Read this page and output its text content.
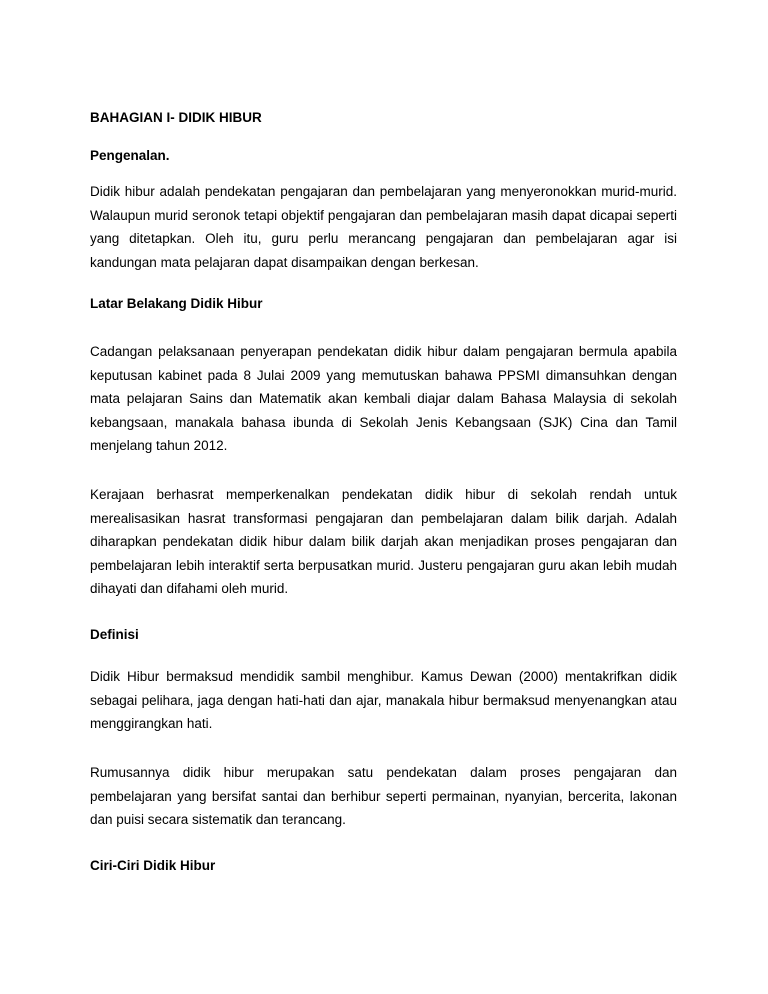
BAHAGIAN I- DIDIK HIBUR
Pengenalan.

Didik hibur adalah pendekatan pengajaran dan pembelajaran yang menyeronokkan murid-murid. Walaupun murid seronok tetapi objektif pengajaran dan pembelajaran masih dapat dicapai seperti yang ditetapkan. Oleh itu, guru perlu merancang pengajaran dan pembelajaran agar isi kandungan mata pelajaran dapat disampaikan dengan berkesan.

Latar Belakang Didik Hibur

Cadangan pelaksanaan penyerapan pendekatan didik hibur dalam pengajaran bermula apabila keputusan kabinet pada 8 Julai 2009 yang memutuskan bahawa PPSMI dimansuhkan dengan mata pelajaran Sains dan Matematik akan kembali diajar dalam Bahasa Malaysia di sekolah kebangsaan, manakala bahasa ibunda di Sekolah Jenis Kebangsaan (SJK) Cina dan Tamil menjelang tahun 2012.

Kerajaan berhasrat memperkenalkan pendekatan didik hibur di sekolah rendah untuk merealisasikan hasrat transformasi pengajaran dan pembelajaran dalam bilik darjah. Adalah diharapkan pendekatan didik hibur dalam bilik darjah akan menjadikan proses pengajaran dan pembelajaran lebih interaktif serta berpusatkan murid. Justeru pengajaran guru akan lebih mudah dihayati dan difahami oleh murid.

Definisi

Didik Hibur bermaksud mendidik sambil menghibur. Kamus Dewan (2000) mentakrifkan didik sebagai pelihara, jaga dengan hati-hati dan ajar, manakala hibur bermaksud menyenangkan atau menggirangkan hati.

Rumusannya didik hibur merupakan satu pendekatan dalam proses pengajaran dan pembelajaran yang bersifat santai dan berhibur seperti permainan, nyanyian, bercerita, lakonan dan puisi secara sistematik dan terancang.

Ciri-Ciri Didik Hibur
